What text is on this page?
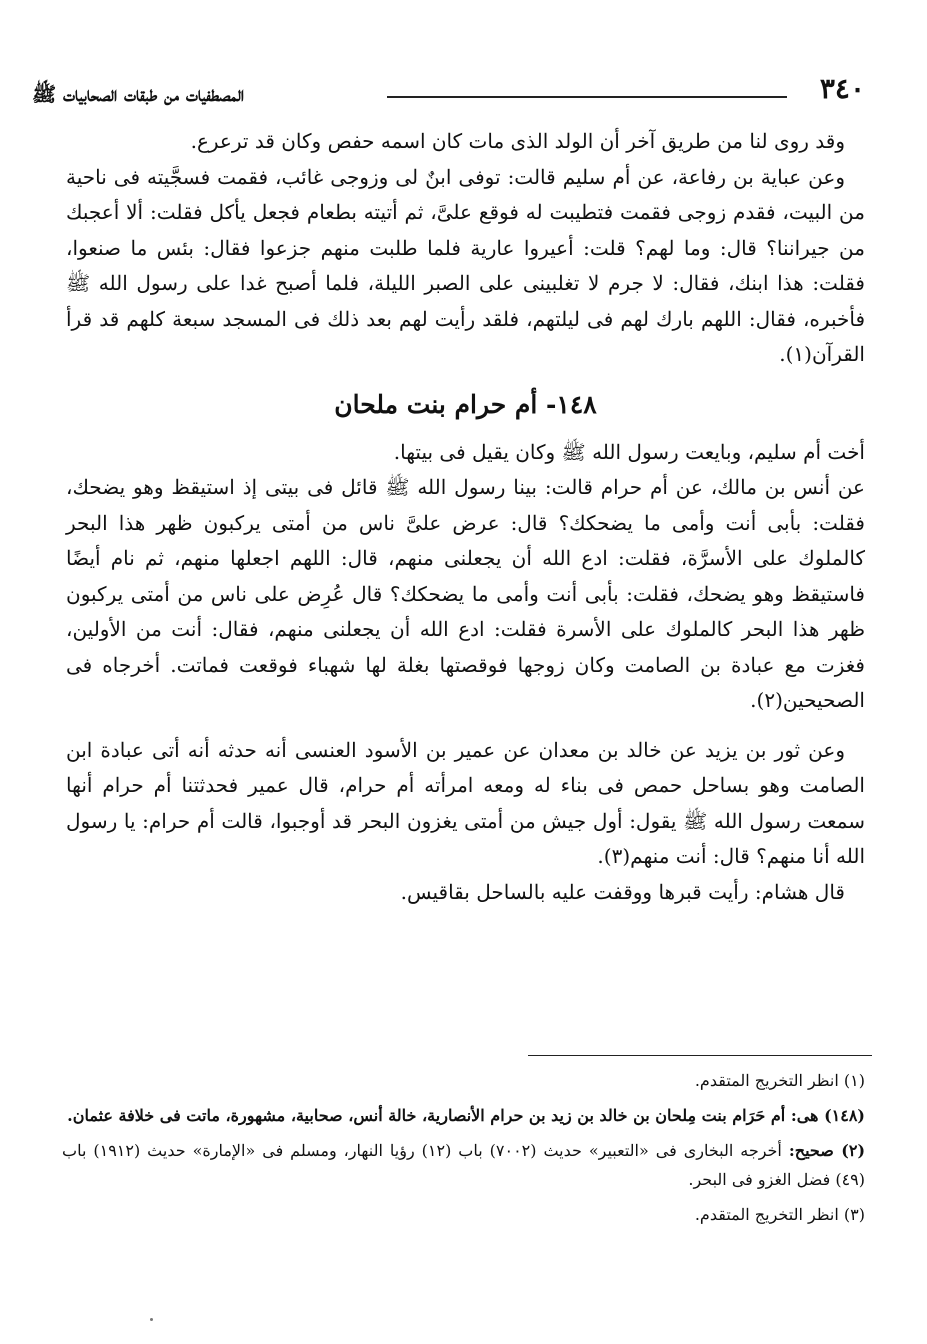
٣٤٠
المصطفيات من طبقات الصحابيات ﷺ

وقد روى لنا من طريق آخر أن الولد الذى مات كان اسمه حفص وكان قد ترعرع.

وعن عباية بن رفاعة، عن أم سليم قالت: توفى ابنٌ لى وزوجى غائب، فقمت فسجَّيته فى ناحية من البيت، فقدم زوجى فقمت فتطيبت له فوقع علىَّ، ثم أتيته بطعام فجعل يأكل فقلت: ألا أعجبك من جيراننا؟ قال: وما لهم؟ قلت: أعيروا عارية فلما طلبت منهم جزعوا فقال: بئس ما صنعوا، فقلت: هذا ابنك، فقال: لا جرم لا تغلبينى على الصبر الليلة، فلما أصبح غدا على رسول الله ﷺ فأخبره، فقال: اللهم بارك لهم فى ليلتهم، فلقد رأيت لهم بعد ذلك فى المسجد سبعة كلهم قد قرأ القرآن(١).

١٤٨- أم حرام بنت ملحان

أخت أم سليم، وبايعت رسول الله ﷺ وكان يقيل فى بيتها.

عن أنس بن مالك، عن أم حرام قالت: بينا رسول الله ﷺ قائل فى بيتى إذ استيقظ وهو يضحك، فقلت: بأبى أنت وأمى ما يضحكك؟ قال: عرض علىَّ ناس من أمتى يركبون ظهر هذا البحر كالملوك على الأسرَّة، فقلت: ادع الله أن يجعلنى منهم، قال: اللهم اجعلها منهم، ثم نام أيضًا فاستيقظ وهو يضحك، فقلت: بأبى أنت وأمى ما يضحكك؟ قال عُرِض على ناس من أمتى يركبون ظهر هذا البحر كالملوك على الأسرة فقلت: ادع الله أن يجعلنى منهم، فقال: أنت من الأولين، فغزت مع عبادة بن الصامت وكان زوجها فوقصتها بغلة لها شهباء فوقعت فماتت. أخرجاه فى الصحيحين(٢).

وعن ثور بن يزيد عن خالد بن معدان عن عمير بن الأسود العنسى أنه حدثه أنه أتى عبادة ابن الصامت وهو بساحل حمص فى بناء له ومعه امرأته أم حرام، قال عمير فحدثتنا أم حرام أنها سمعت رسول الله ﷺ يقول: أول جيش من أمتى يغزون البحر قد أوجبوا، قالت أم حرام: يا رسول الله أنا منهم؟ قال: أنت منهم(٣).

قال هشام: رأيت قبرها ووقفت عليه بالساحل بقاقيس.

(١) انظر التخريج المتقدم.

(١٤٨) هى: أم حَرَام بنت مِلحان بن خالد بن زيد بن حرام الأنصارية، خالة أنس، صحابية، مشهورة، ماتت فى خلافة عثمان.

(٢) صحيح: أخرجه البخارى فى «التعبير» حديث (٧٠٠٢) باب (١٢) رؤيا النهار، ومسلم فى «الإمارة» حديث (١٩١٢) باب (٤٩) فضل الغزو فى البحر.

(٣) انظر التخريج المتقدم.
